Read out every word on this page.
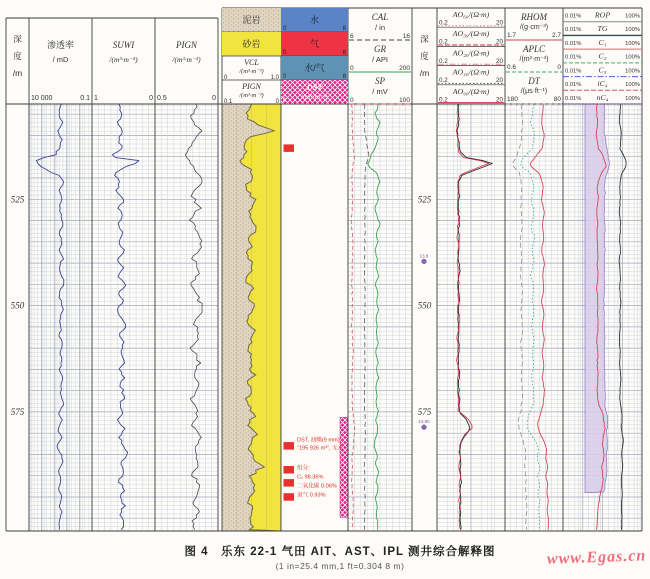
DST, 油嘴(9 mm)
“195 926 m³”, 无水
组分:
C₁ 98.36%
二氧化碳 0.06%
氮气 0.93%
13.8
13.90
525	525
550	550
575	575
深
度
/m
深
度
/m
渗透率
/ mD
10 000	0.1
SUWI
/(m³·m⁻³)
1	0
PIGN
/(m³·m⁻³)
0.5	0
泥岩
砂岩
VCL
/(m³·m⁻³)
0	1.0
PIGN
/(m³·m⁻³)
0.1	0
水
0	8
气
0	8
水/气
0	8
DST
/(m³·m⁻³)
0
CAL
/ in
6	16
GR
/ API
0	200
SP
/ mV
0	100
AO₆₀/(Ω·m)
0.2	20
AO₃₀/(Ω·m)
0.2	20
AO₂₀/(Ω·m)
0.2	20
AO₁₀/(Ω·m)
0.2	20
AO₉₀/(Ω·m)
0.2	20
RHOM
/(g·cm⁻³)
1.7	2.7
APLC
/(m³·m⁻³)
0.6	0
DT
/(μs·ft⁻¹)
180	80
ROP
0.01%	100%
TG
0.01%	100%
C₁
0.01%	100%
C₂
0.01%	100%
C₃
0.01%	100%
iC₄
0.01%	100%
nC₄
0.01%	100%
图 4　乐东 22-1 气田 AIT、AST、IPL 测井综合解释图
(1 in=25.4 mm,1 ft=0.304 8 m)	www.Egas.cn
